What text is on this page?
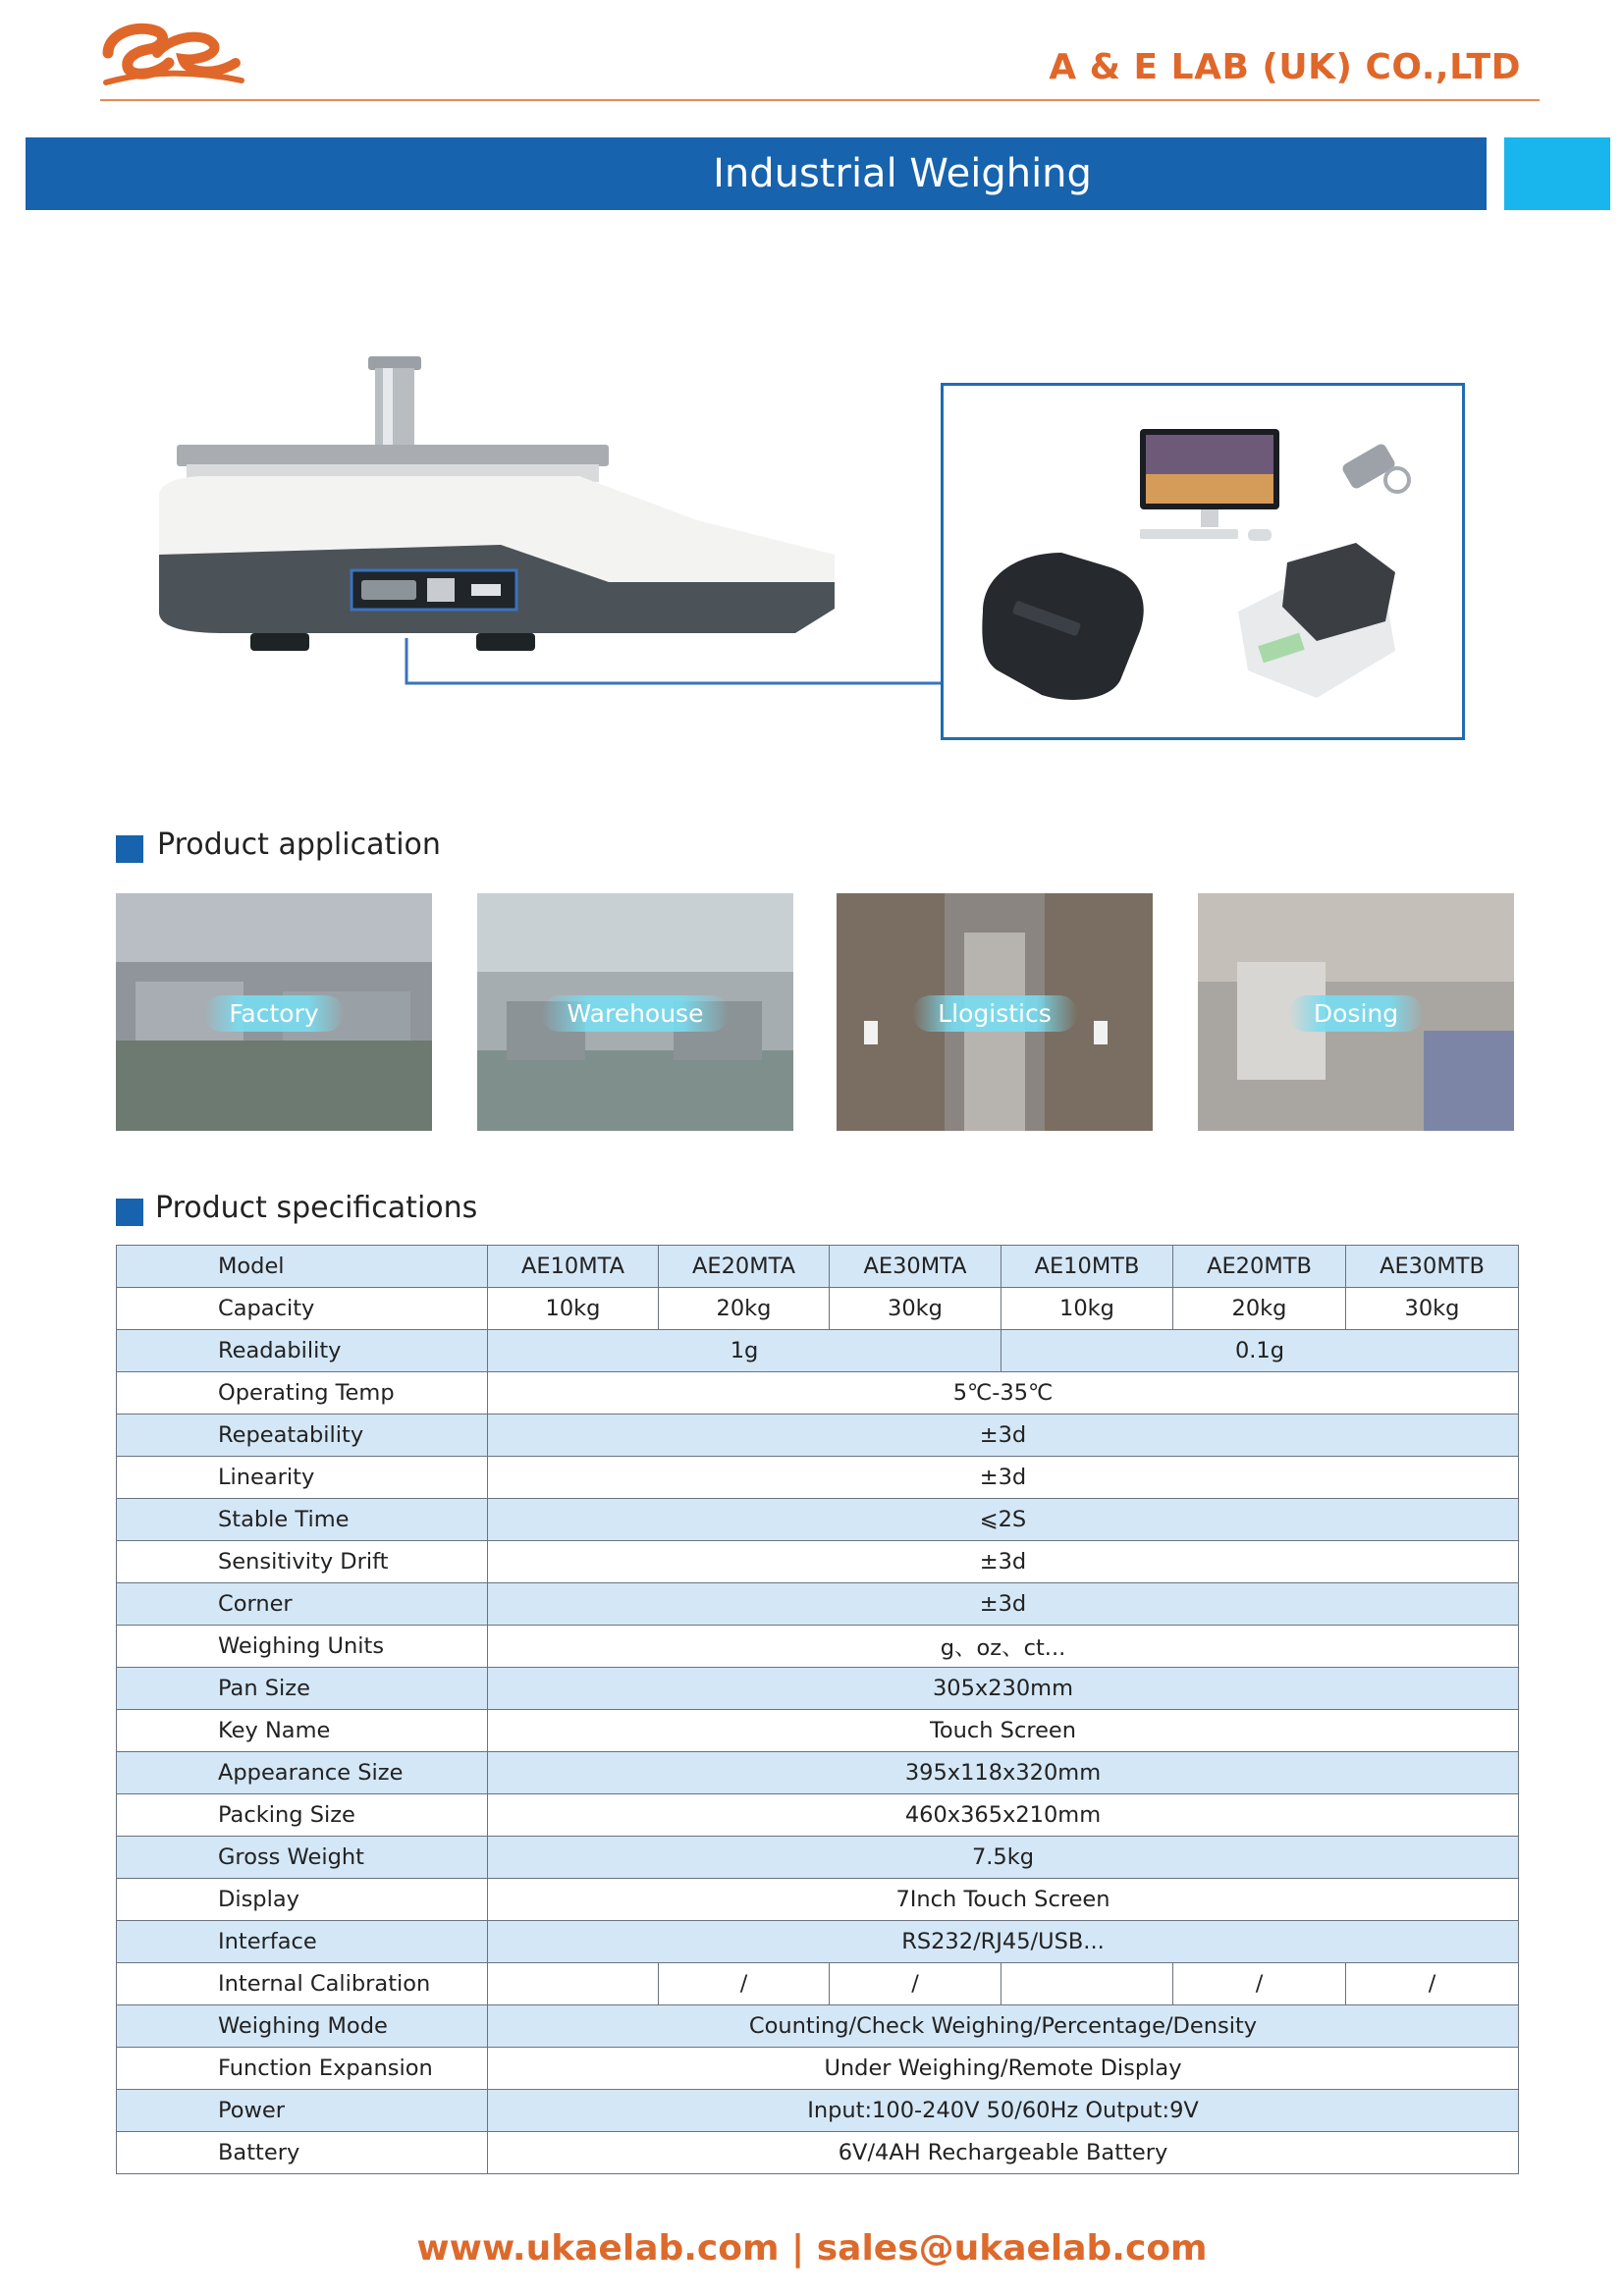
A & E LAB (UK) CO.,LTD
Industrial Weighing
Product application
Factory	Warehouse	Llogistics	Dosing
Product specifications
Model	AE10MTA	AE20MTA	AE30MTA	AE10MTB	AE20MTB	AE30MTB
Capacity	10kg	20kg	30kg	10kg	20kg	30kg
Readability	1g			0.1g		
Operating Temp	5℃-35℃					
Repeatability	±3d					
Linearity	±3d					
Stable Time	⩽2S					
Sensitivity Drift	±3d					
Corner	±3d					
Weighing Units	g、oz、ct...					
Pan Size	305x230mm					
Key Name	Touch Screen					
Appearance Size	395x118x320mm					
Packing Size	460x365x210mm					
Gross Weight	7.5kg					
Display	7Inch Touch Screen					
Interface	RS232/RJ45/USB...					
Internal Calibration		/	/		/	/
Weighing Mode	Counting/Check Weighing/Percentage/Density					
Function Expansion	Under Weighing/Remote Display					
Power	Input:100-240V 50/60Hz Output:9V					
Battery	6V/4AH Rechargeable Battery					
www.ukaelab.com | sales@ukaelab.com
